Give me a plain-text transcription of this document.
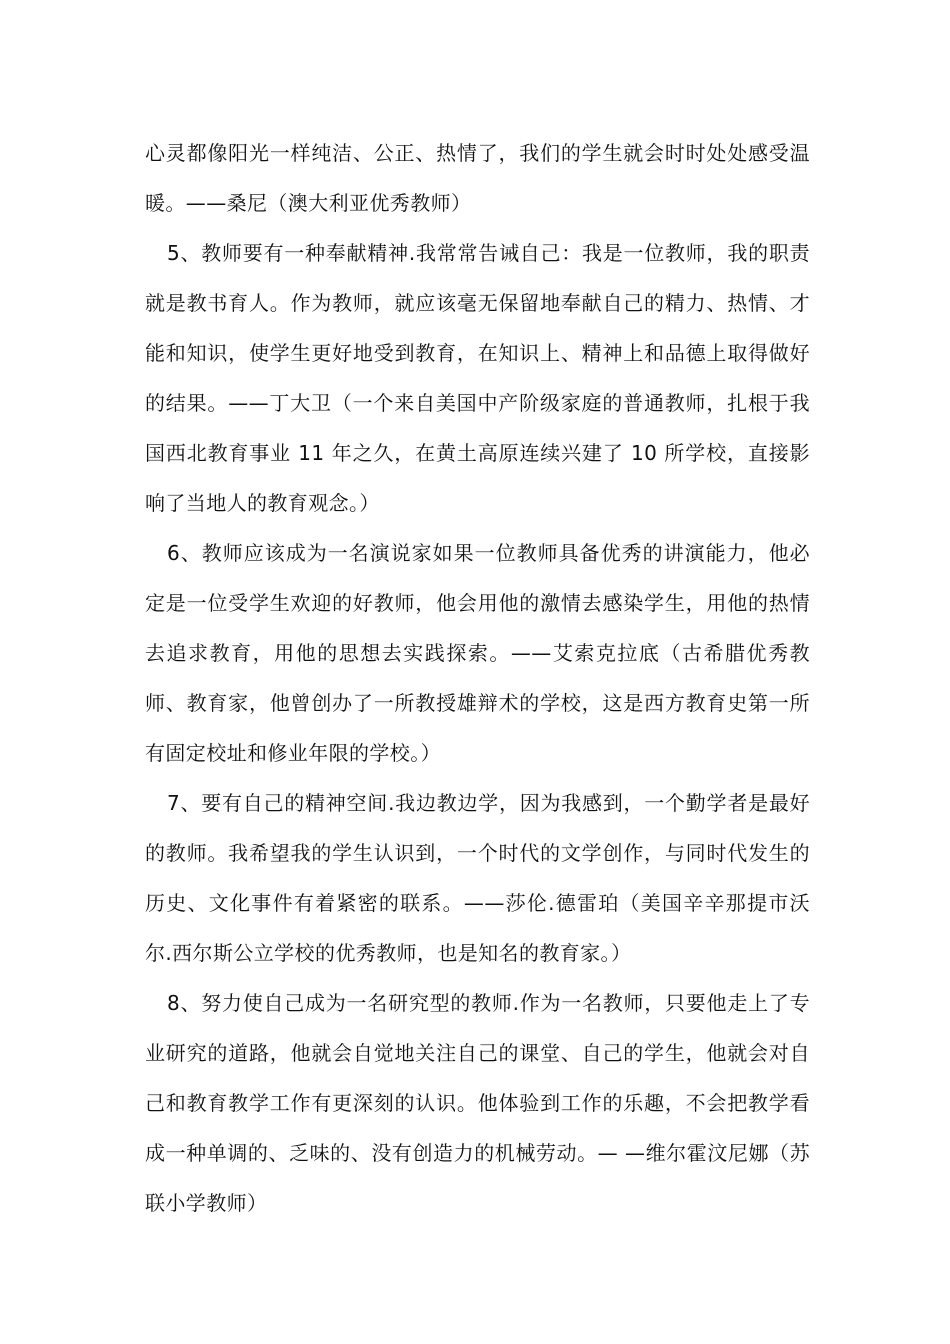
心灵都像阳光一样纯洁、公正、热情了，我们的学生就会时时处处感受温暖。——桑尼（澳大利亚优秀教师）

5、教师要有一种奉献精神.我常常告诫自己：我是一位教师，我的职责就是教书育人。作为教师，就应该毫无保留地奉献自己的精力、热情、才能和知识，使学生更好地受到教育，在知识上、精神上和品德上取得做好的结果。——丁大卫（一个来自美国中产阶级家庭的普通教师，扎根于我国西北教育事业 11 年之久，在黄土高原连续兴建了 10 所学校，直接影响了当地人的教育观念。）

6、教师应该成为一名演说家如果一位教师具备优秀的讲演能力，他必定是一位受学生欢迎的好教师，他会用他的激情去感染学生，用他的热情去追求教育，用他的思想去实践探索。——艾索克拉底（古希腊优秀教师、教育家，他曾创办了一所教授雄辩术的学校，这是西方教育史第一所有固定校址和修业年限的学校。）

7、要有自己的精神空间.我边教边学，因为我感到，一个勤学者是最好的教师。我希望我的学生认识到，一个时代的文学创作，与同时代发生的历史、文化事件有着紧密的联系。——莎伦.德雷珀（美国辛辛那提市沃尔.西尔斯公立学校的优秀教师，也是知名的教育家。）

8、努力使自己成为一名研究型的教师.作为一名教师，只要他走上了专业研究的道路，他就会自觉地关注自己的课堂、自己的学生，他就会对自己和教育教学工作有更深刻的认识。他体验到工作的乐趣，不会把教学看成一种单调的、乏味的、没有创造力的机械劳动。— —维尔霍汶尼娜（苏联小学教师）
